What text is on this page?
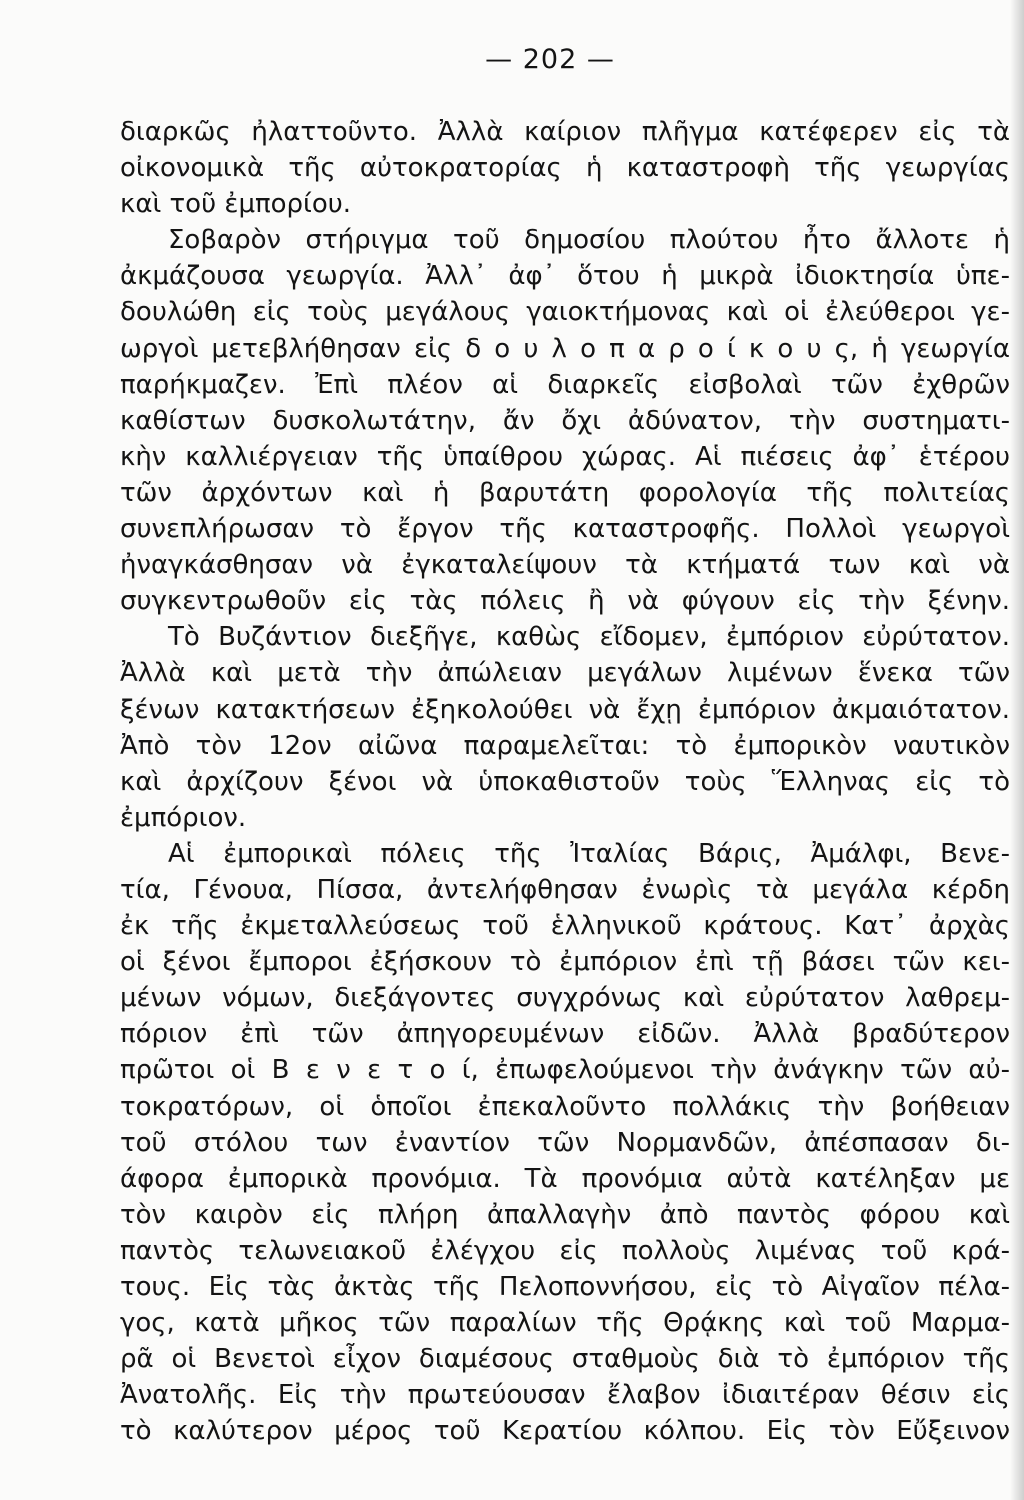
— 202 —
διαρκῶς ἠλαττοῦντο. Ἀλλὰ καίριον πλῆγμα κατέφερεν εἰς τὰ
οἰκονομικὰ τῆς αὐτοκρατορίας ἡ καταστροφὴ τῆς γεωργίας
καὶ τοῦ ἐμπορίου.
Σοβαρὸν στήριγμα τοῦ δημοσίου πλούτου ἦτο ἄλλοτε ἡ
ἀκμάζουσα γεωργία. Ἀλλ᾽ ἀφ᾽ ὅτου ἡ μικρὰ ἰδιοκτησία ὑπε-
δουλώθη εἰς τοὺς μεγάλους γαιοκτήμονας καὶ οἱ ἐλεύθεροι γε-
ωργοὶ μετεβλήθησαν εἰς δ ο υ λ ο π α ρ ο ί κ ο υ ς, ἡ γεωργία
παρήκμαζεν. Ἐπὶ πλέον αἱ διαρκεῖς εἰσβολαὶ τῶν ἐχθρῶν
καθίστων δυσκολωτάτην, ἄν ὄχι ἀδύνατον, τὴν συστηματι-
κὴν καλλιέργειαν τῆς ὑπαίθρου χώρας. Αἱ πιέσεις ἀφ᾽ ἑτέρου
τῶν ἀρχόντων καὶ ἡ βαρυτάτη φορολογία τῆς πολιτείας
συνεπλήρωσαν τὸ ἔργον τῆς καταστροφῆς. Πολλοὶ γεωργοὶ
ἠναγκάσθησαν νὰ ἐγκαταλείψουν τὰ κτήματά των καὶ νὰ
συγκεντρωθοῦν εἰς τὰς πόλεις ἢ νὰ φύγουν εἰς τὴν ξένην.
Τὸ Βυζάντιον διεξῆγε, καθὼς εἴδομεν, ἐμπόριον εὐρύτατον.
Ἀλλὰ καὶ μετὰ τὴν ἀπώλειαν μεγάλων λιμένων ἕνεκα τῶν
ξένων κατακτήσεων ἐξηκολούθει νὰ ἔχῃ ἐμπόριον ἀκμαιότατον.
Ἀπὸ τὸν 12ον αἰῶνα παραμελεῖται: τὸ ἐμπορικὸν ναυτικὸν
καὶ ἀρχίζουν ξένοι νὰ ὑποκαθιστοῦν τοὺς Ἕλληνας εἰς τὸ
ἐμπόριον.
Αἱ ἐμπορικαὶ πόλεις τῆς Ἰταλίας Βάρις, Ἀμάλφι, Βενε-
τία, Γένουα, Πίσσα, ἀντελήφθησαν ἐνωρὶς τὰ μεγάλα κέρδη
ἐκ τῆς ἐκμεταλλεύσεως τοῦ ἑλληνικοῦ κράτους. Κατ᾽ ἀρχὰς
οἱ ξένοι ἔμποροι ἐξήσκουν τὸ ἐμπόριον ἐπὶ τῇ βάσει τῶν κει-
μένων νόμων, διεξάγοντες συγχρόνως καὶ εὐρύτατον λαθρεμ-
πόριον ἐπὶ τῶν ἀπηγορευμένων εἰδῶν. Ἀλλὰ βραδύτερον
πρῶτοι οἱ Β ε ν ε τ ο ί, ἐπωφελούμενοι τὴν ἀνάγκην τῶν αὐ-
τοκρατόρων, οἱ ὁποῖοι ἐπεκαλοῦντο πολλάκις τὴν βοήθειαν
τοῦ στόλου των ἐναντίον τῶν Νορμανδῶν, ἀπέσπασαν δι-
άφορα ἐμπορικὰ προνόμια. Τὰ προνόμια αὐτὰ κατέληξαν με
τὸν καιρὸν εἰς πλήρη ἀπαλλαγὴν ἀπὸ παντὸς φόρου καὶ
παντὸς τελωνειακοῦ ἐλέγχου εἰς πολλοὺς λιμένας τοῦ κρά-
τους. Εἰς τὰς ἀκτὰς τῆς Πελοποννήσου, εἰς τὸ Αἰγαῖον πέλα-
γος, κατὰ μῆκος τῶν παραλίων τῆς Θρᾴκης καὶ τοῦ Μαρμα-
ρᾶ οἱ Βενετοὶ εἶχον διαμέσους σταθμοὺς διὰ τὸ ἐμπόριον τῆς
Ἀνατολῆς. Εἰς τὴν πρωτεύουσαν ἔλαβον ἰδιαιτέραν θέσιν εἰς
τὸ καλύτερον μέρος τοῦ Κερατίου κόλπου. Εἰς τὸν Εὔξεινον
